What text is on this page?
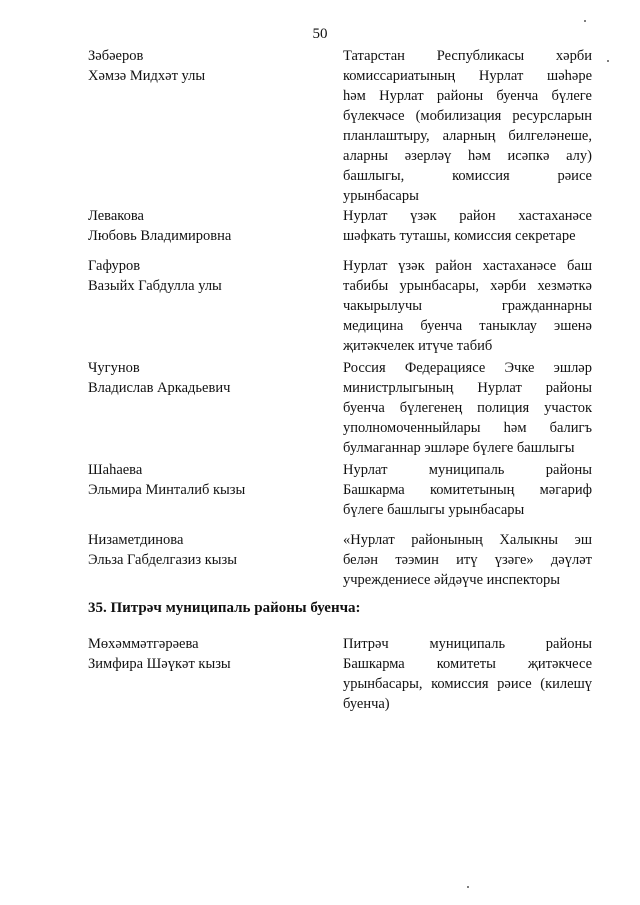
50
Зәбәеров
Хәмзә Мидхәт улы
Татарстан Республикасы хәрби
комиссариатының Нурлат шәһәре
һәм Нурлат районы буенча бүлеге
бүлекчәсе (мобилизация ресурсларын
планлаштыру, аларның билгеләнеше,
аларны әзерләү һәм исәпкә алу)
башлыгы, комиссия рәисе
урынбасары
Левакова
Любовь Владимировна
Нурлат үзәк район хастаханәсе
шәфкать туташы, комиссия секретаре
Гафуров
Вазыйх Габдулла улы
Нурлат үзәк район хастаханәсе баш
табибы урынбасары, хәрби хезмәткә
чакырылучы гражданнарны
медицина буенча таныклау эшенә
җитәкчелек итүче табиб
Чугунов
Владислав Аркадьевич
Россия Федерациясе Эчке эшләр
министрлыгының Нурлат районы
буенча бүлегенең полиция участок
уполномоченныйлары һәм балигъ
булмаганнар эшләре бүлеге башлыгы
Шаһаева
Эльмира Минталиб кызы
Нурлат муниципаль районы
Башкарма комитетының мәгариф
бүлеге башлыгы урынбасары
Низаметдинова
Эльза Габделгазиз кызы
«Нурлат районының Халыкны эш
белән тәэмин итү үзәге» дәүләт
учреждениесе әйдәүче инспекторы
35. Питрәч муниципаль районы буенча:
Мөхәммәтгәрәева
Зимфира Шәүкәт кызы
Питрәч муниципаль районы
Башкарма комитеты җитәкчесе
урынбасары, комиссия рәисе (килешү
буенча)
